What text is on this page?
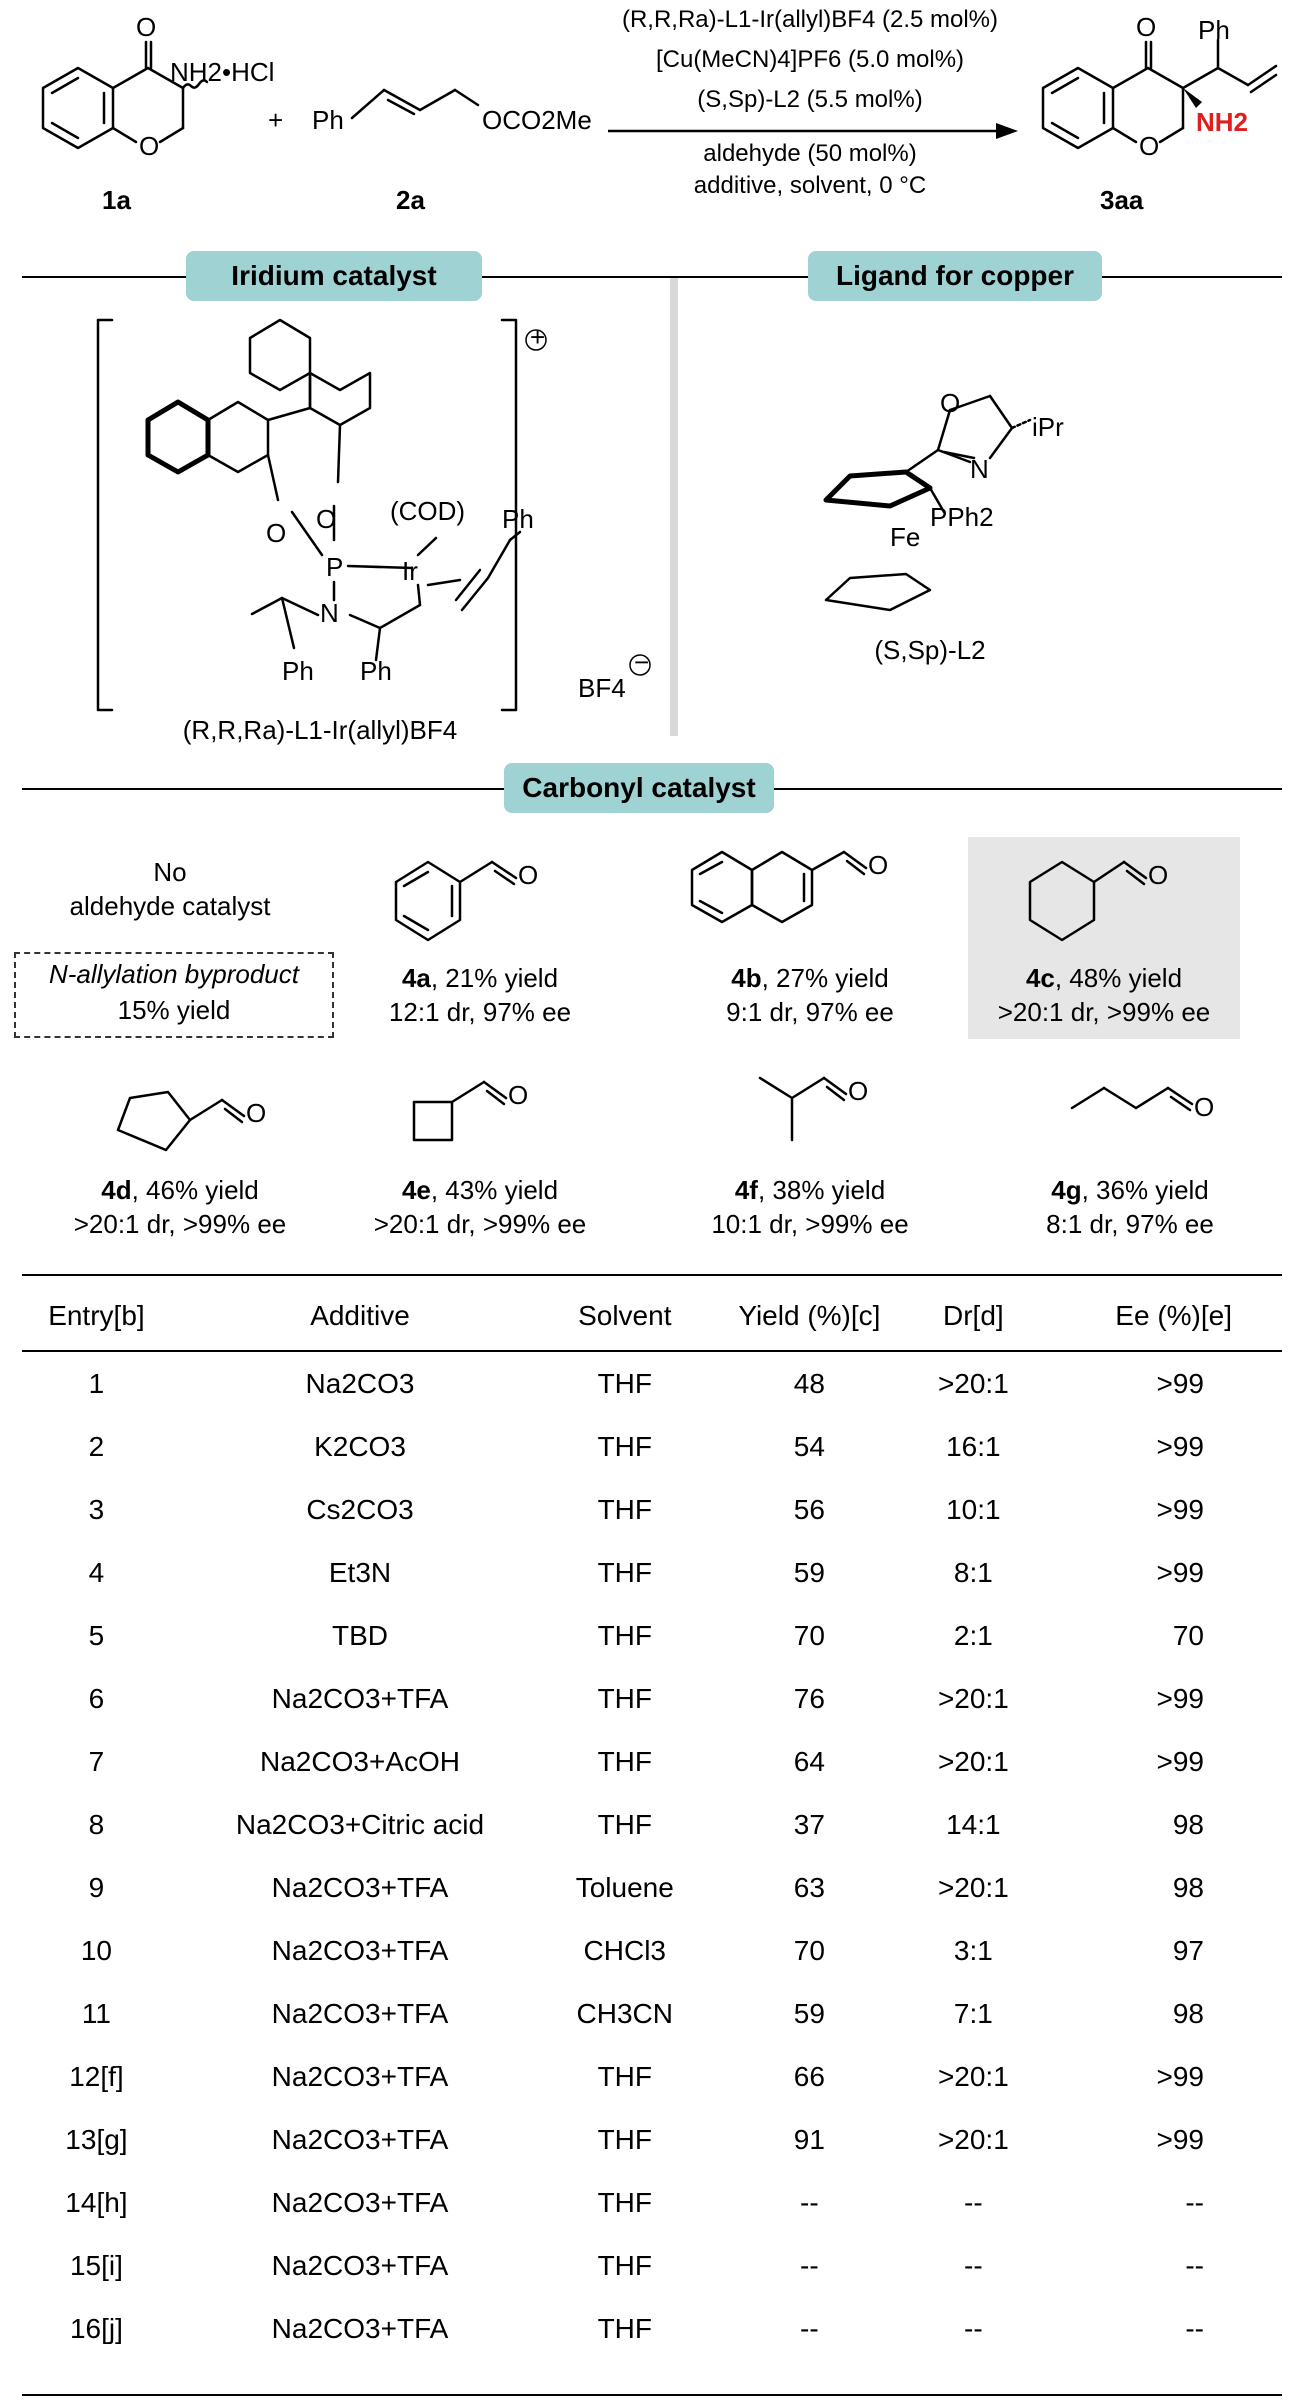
O
O
O
O
NH2•HCl
1a
+ Ph	OCO2Me
2a
(R,R,Ra)-L1-Ir(allyl)BF4 (2.5 mol%)
[Cu(MeCN)4]PF6 (5.0 mol%)
(S,Sp)-L2 (5.5 mol%)
aldehyde (50 mol%)
additive, solvent, 0 °C
Ph
NH2
3aa
Iridium catalyst	Ligand for copper
O
O
P
N
Ir
(COD) Ph
Ph Ph
+
−
BF4
(R,R,Ra)-L1-Ir(allyl)BF4
O
N
Fe
PPh2
iPr
(S,Sp)-L2
Carbonyl catalyst
O	O	O
O
O	O
O
No
aldehyde catalyst
N-allylation byproduct
15% yield
4a, 21% yield
12:1 dr, 97% ee
4b, 27% yield
9:1 dr, 97% ee
4c, 48% yield
>20:1 dr, >99% ee
4d, 46% yield
>20:1 dr, >99% ee
4e, 43% yield
>20:1 dr, >99% ee
4f, 38% yield
10:1 dr, >99% ee
4g, 36% yield
8:1 dr, 97% ee
Entry[b]	Additive	Solvent	Yield (%)[c]	Dr[d]	Ee (%)[e]
1	Na2CO3	THF	48	>20:1	>99
2	K2CO3	THF	54	16:1	>99
3	Cs2CO3	THF	56	10:1	>99
4	Et3N	THF	59	8:1	>99
5	TBD	THF	70	2:1	70
6	Na2CO3+TFA	THF	76	>20:1	>99
7	Na2CO3+AcOH	THF	64	>20:1	>99
8	Na2CO3+Citric acid	THF	37	14:1	98
9	Na2CO3+TFA	Toluene	63	>20:1	98
10	Na2CO3+TFA	CHCl3	70	3:1	97
11	Na2CO3+TFA	CH3CN	59	7:1	98
12[f]	Na2CO3+TFA	THF	66	>20:1	>99
13[g]	Na2CO3+TFA	THF	91	>20:1	>99
14[h]	Na2CO3+TFA	THF	--	--	--
15[i]	Na2CO3+TFA	THF	--	--	--
16[j]	Na2CO3+TFA	THF	--	--	--
